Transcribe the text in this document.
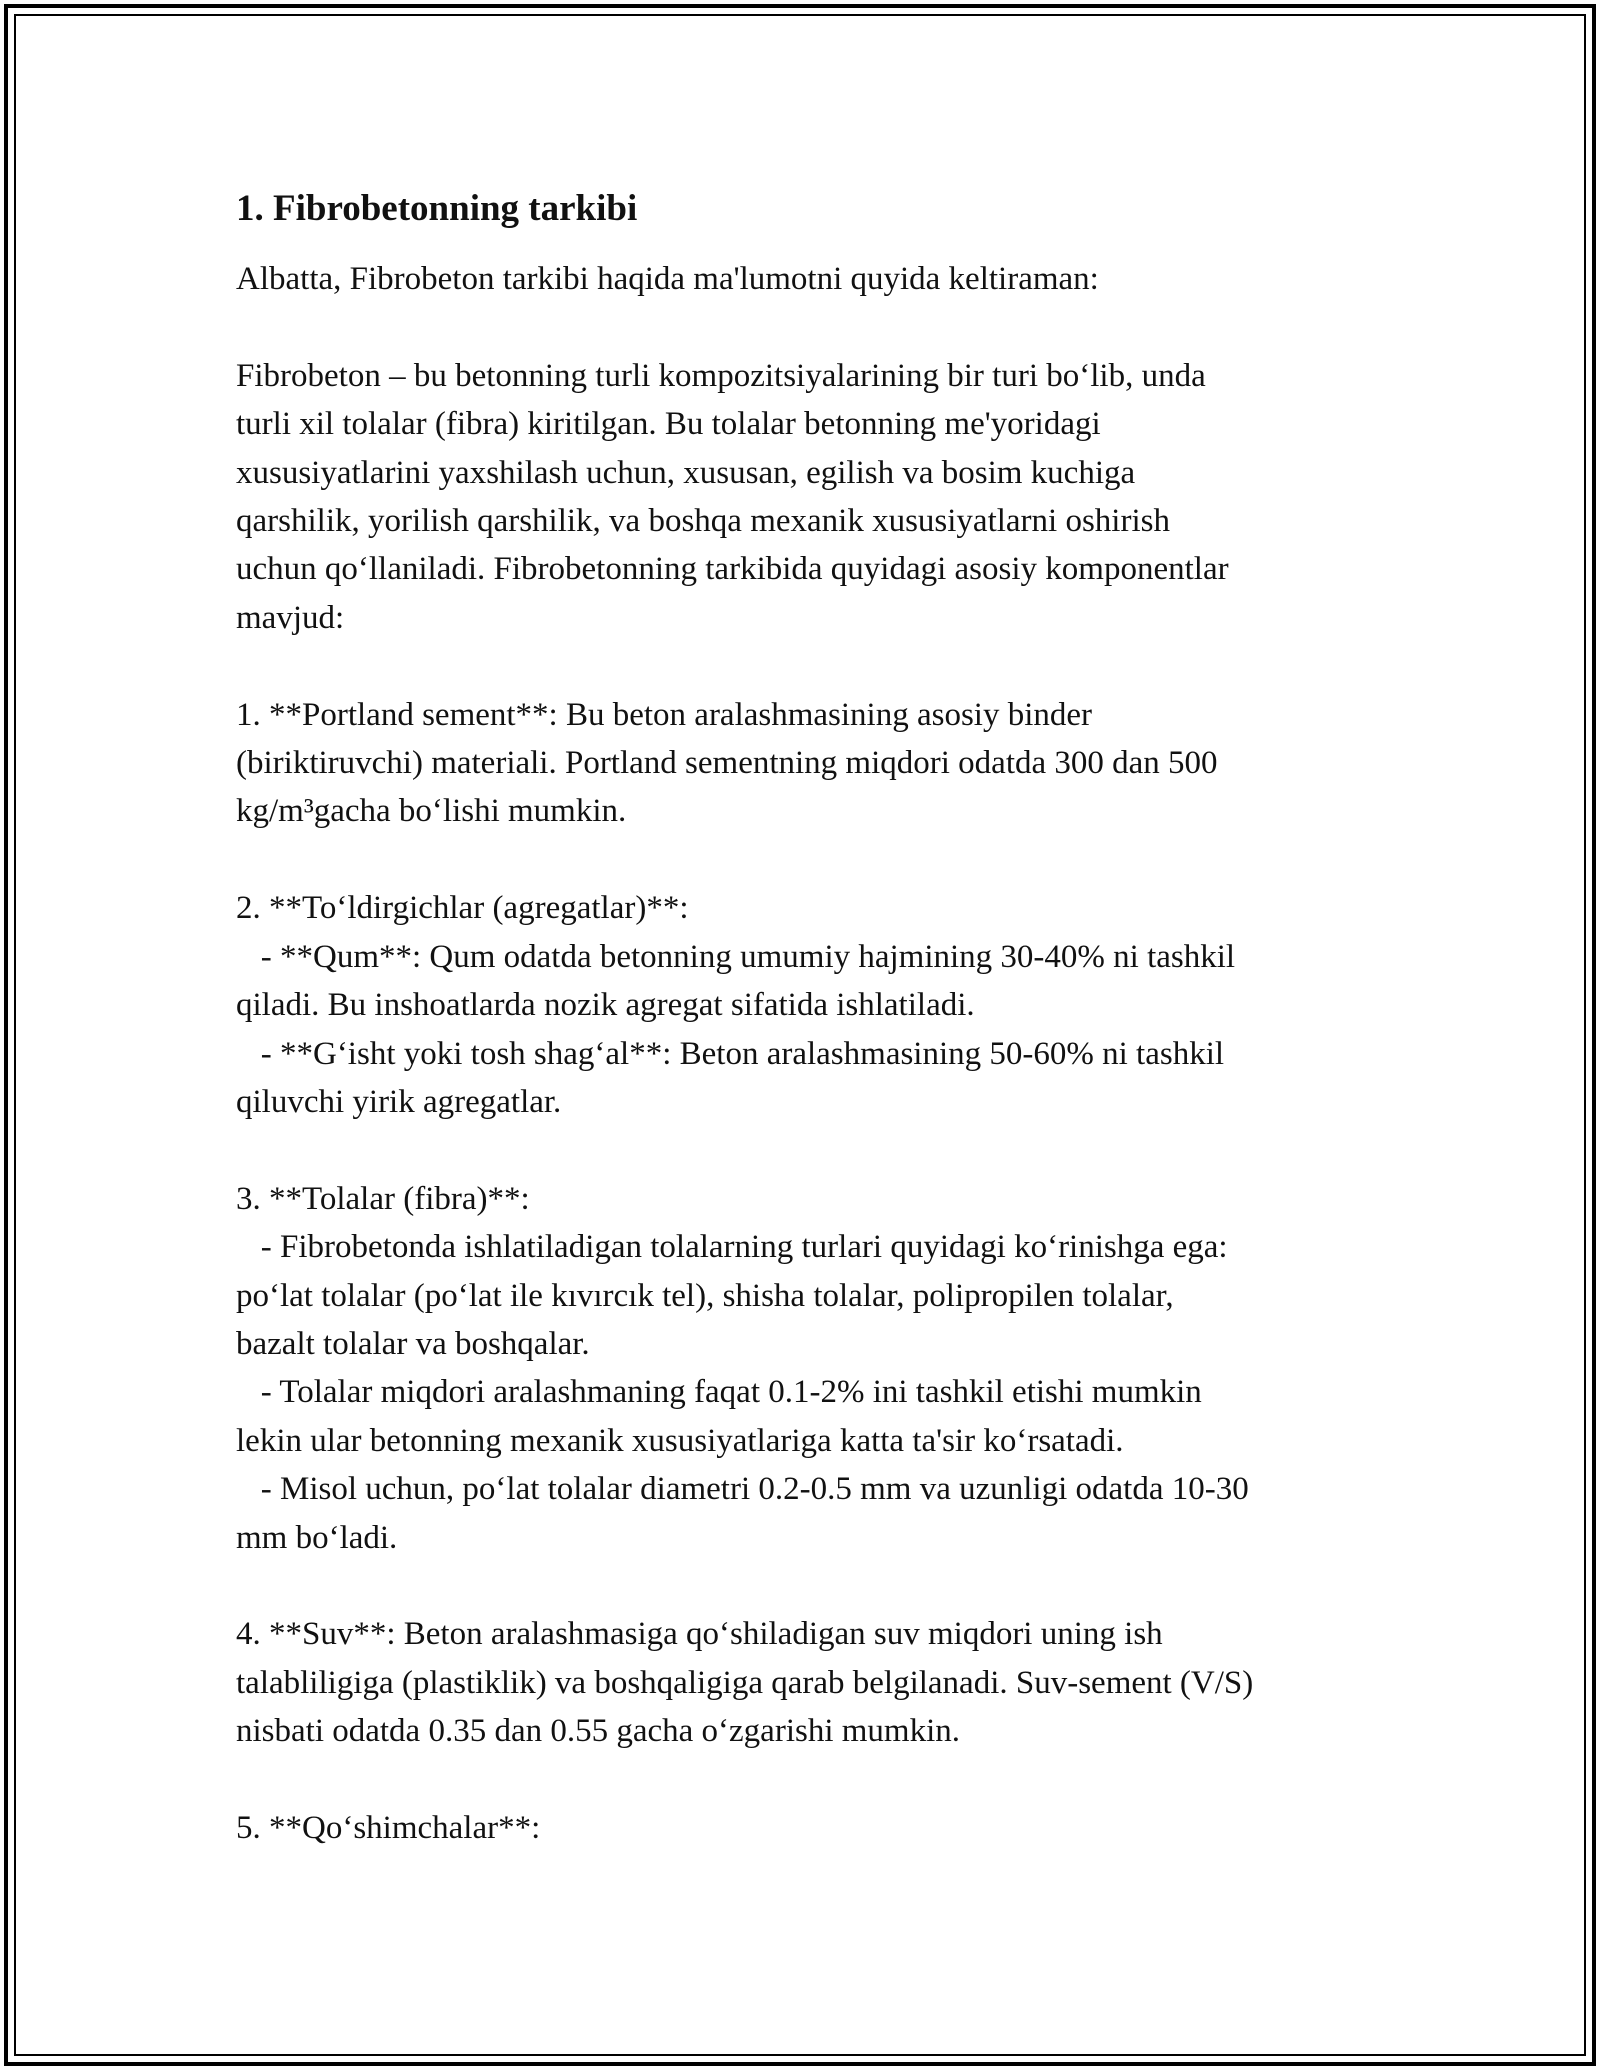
1. Fibrobetonning tarkibi

Albatta, Fibrobeton tarkibi haqida ma'lumotni quyida keltiraman:

Fibrobeton – bu betonning turli kompozitsiyalarining bir turi bo‘lib, unda
turli xil tolalar (fibra) kiritilgan. Bu tolalar betonning me'yoridagi
xususiyatlarini yaxshilash uchun, xususan, egilish va bosim kuchiga
qarshilik, yorilish qarshilik, va boshqa mexanik xususiyatlarni oshirish
uchun qo‘llaniladi. Fibrobetonning tarkibida quyidagi asosiy komponentlar
mavjud:

1. **Portland sement**: Bu beton aralashmasining asosiy binder
(biriktiruvchi) materiali. Portland sementning miqdori odatda 300 dan 500
kg/m³gacha bo‘lishi mumkin.

2. **To‘ldirgichlar (agregatlar)**:
- **Qum**: Qum odatda betonning umumiy hajmining 30-40% ni tashkil
qiladi. Bu inshoatlarda nozik agregat sifatida ishlatiladi.
- **G‘isht yoki tosh shag‘al**: Beton aralashmasining 50-60% ni tashkil
qiluvchi yirik agregatlar.

3. **Tolalar (fibra)**:
- Fibrobetonda ishlatiladigan tolalarning turlari quyidagi ko‘rinishga ega:
po‘lat tolalar (po‘lat ile kıvırcık tel), shisha tolalar, polipropilen tolalar,
bazalt tolalar va boshqalar.
- Tolalar miqdori aralashmaning faqat 0.1-2% ini tashkil etishi mumkin
lekin ular betonning mexanik xususiyatlariga katta ta'sir ko‘rsatadi.
- Misol uchun, po‘lat tolalar diametri 0.2-0.5 mm va uzunligi odatda 10-30
mm bo‘ladi.

4. **Suv**: Beton aralashmasiga qo‘shiladigan suv miqdori uning ish
talabliligiga (plastiklik) va boshqaligiga qarab belgilanadi. Suv-sement (V/S)
nisbati odatda 0.35 dan 0.55 gacha o‘zgarishi mumkin.

5. **Qo‘shimchalar**:
